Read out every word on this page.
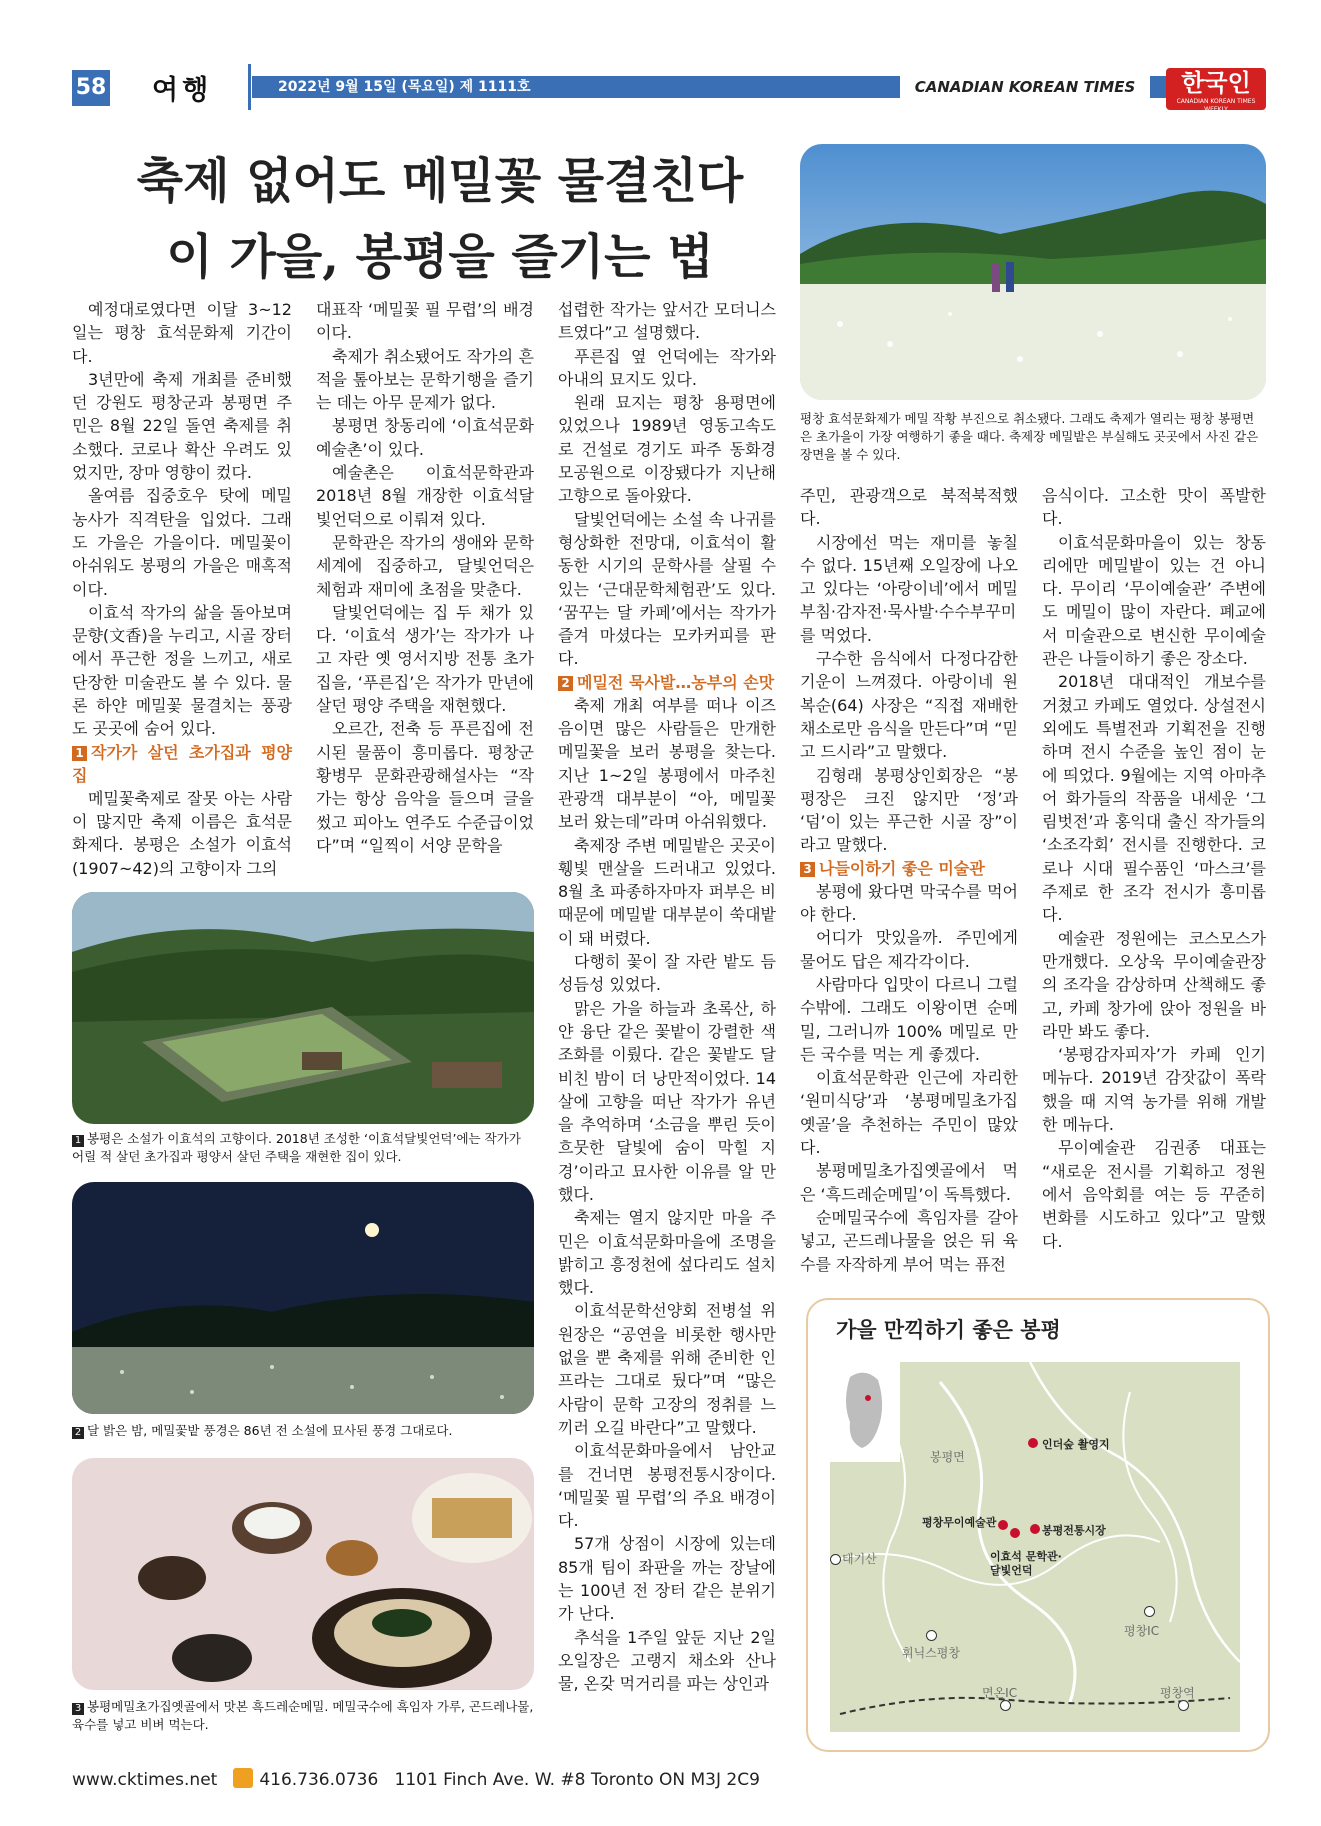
58 여행	2022년 9월 15일 (목요일) 제 1111호	CANADIAN KOREAN TIMES	한국인
CANADIAN KOREAN TIMES WEEKLY
축제 없어도 메밀꽃 물결친다
이 가을, 봉평을 즐기는 법
평창 효석문화제가 메밀 작황 부진으로 취소됐다. 그래도 축제가 열리는 평창 봉평면은 초가을이 가장 여행하기 좋을 때다. 축제장 메밀밭은 부실해도 곳곳에서 사진 같은 장면을 볼 수 있다.

예정대로였다면 이달 3~12일는 평창 효석문화제 기간이다.

3년만에 축제 개최를 준비했던 강원도 평창군과 봉평면 주민은 8월 22일 돌연 축제를 취소했다. 코로나 확산 우려도 있었지만, 장마 영향이 컸다.

올여름 집중호우 탓에 메밀 농사가 직격탄을 입었다. 그래도 가을은 가을이다. 메밀꽃이 아쉬워도 봉평의 가을은 매혹적이다.

이효석 작가의 삶을 돌아보며 문향(文香)을 누리고, 시골 장터에서 푸근한 정을 느끼고, 새로 단장한 미술관도 볼 수 있다. 물론 하얀 메밀꽃 물결치는 풍광도 곳곳에 숨어 있다.

1 작가가 살던 초가집과 평양집

메밀꽃축제로 잘못 아는 사람이 많지만 축제 이름은 효석문화제다. 봉평은 소설가 이효석(1907~42)의 고향이자 그의

대표작 ‘메밀꽃 필 무렵’의 배경이다.

축제가 취소됐어도 작가의 흔적을 톺아보는 문학기행을 즐기는 데는 아무 문제가 없다.

봉평면 창동리에 ‘이효석문화예술촌’이 있다.

예술촌은 이효석문학관과 2018년 8월 개장한 이효석달빛언덕으로 이뤄져 있다.

문학관은 작가의 생애와 문학세계에 집중하고, 달빛언덕은 체험과 재미에 초점을 맞춘다.

달빛언덕에는 집 두 채가 있다. ‘이효석 생가’는 작가가 나고 자란 옛 영서지방 전통 초가집을, ‘푸른집’은 작가가 만년에 살던 평양 주택을 재현했다.

오르간, 전축 등 푸른집에 전시된 물품이 흥미롭다. 평창군 황병무 문화관광해설사는 “작가는 항상 음악을 들으며 글을 썼고 피아노 연주도 수준급이었다”며 “일찍이 서양 문학을

1 봉평은 소설가 이효석의 고향이다. 2018년 조성한 ‘이효석달빛언덕’에는 작가가 어릴 적 살던 초가집과 평양서 살던 주택을 재현한 집이 있다.
2 달 밝은 밤, 메밀꽃밭 풍경은 86년 전 소설에 묘사된 풍경 그대로다.
3 봉평메밀초가집옛골에서 맛본 흑드레순메밀. 메밀국수에 흑임자 가루, 곤드레나물, 육수를 넣고 비벼 먹는다.

섭렵한 작가는 앞서간 모더니스트였다”고 설명했다.

푸른집 옆 언덕에는 작가와 아내의 묘지도 있다.

원래 묘지는 평창 용평면에 있었으나 1989년 영동고속도로 건설로 경기도 파주 동화경모공원으로 이장됐다가 지난해 고향으로 돌아왔다.

달빛언덕에는 소설 속 나귀를 형상화한 전망대, 이효석이 활동한 시기의 문학사를 살필 수 있는 ‘근대문학체험관’도 있다. ‘꿈꾸는 달 카페’에서는 작가가 즐겨 마셨다는 모카커피를 판다.

2 메밀전 묵사발…농부의 손맛

축제 개최 여부를 떠나 이즈음이면 많은 사람들은 만개한 메밀꽃을 보러 봉평을 찾는다. 지난 1~2일 봉평에서 마주친 관광객 대부분이 “아, 메밀꽃 보러 왔는데”라며 아쉬워했다.

축제장 주변 메밀밭은 곳곳이 휑빛 맨살을 드러내고 있었다. 8월 초 파종하자마자 퍼부은 비 때문에 메밀밭 대부분이 쑥대밭이 돼 버렸다.

다행히 꽃이 잘 자란 밭도 듬성듬성 있었다.

맑은 가을 하늘과 초록산, 하얀 융단 같은 꽃밭이 강렬한 색 조화를 이뤘다. 같은 꽃밭도 달 비친 밤이 더 낭만적이었다. 14살에 고향을 떠난 작가가 유년을 추억하며 ‘소금을 뿌린 듯이 흐뭇한 달빛에 숨이 막힐 지경’이라고 묘사한 이유를 알 만했다.

축제는 열지 않지만 마을 주민은 이효석문화마을에 조명을 밝히고 흥정천에 섶다리도 설치했다.

이효석문학선양회 전병설 위원장은 “공연을 비롯한 행사만 없을 뿐 축제를 위해 준비한 인프라는 그대로 뒀다”며 “많은 사람이 문학 고장의 정취를 느끼러 오길 바란다”고 말했다.

이효석문화마을에서 남안교를 건너면 봉평전통시장이다. ‘메밀꽃 필 무렵’의 주요 배경이다.

57개 상점이 시장에 있는데 85개 팀이 좌판을 까는 장날에는 100년 전 장터 같은 분위기가 난다.

추석을 1주일 앞둔 지난 2일 오일장은 고랭지 채소와 산나물, 온갖 먹거리를 파는 상인과

주민, 관광객으로 북적북적했다.

시장에선 먹는 재미를 놓칠 수 없다. 15년째 오일장에 나오고 있다는 ‘아랑이네’에서 메밀부침·감자전·묵사발·수수부꾸미를 먹었다.

구수한 음식에서 다정다감한 기운이 느껴졌다. 아랑이네 원복순(64) 사장은 “직접 재배한 채소로만 음식을 만든다”며 “믿고 드시라”고 말했다.

김형래 봉평상인회장은 “봉평장은 크진 않지만 ‘정’과 ‘덤’이 있는 푸근한 시골 장”이라고 말했다.

3 나들이하기 좋은 미술관

봉평에 왔다면 막국수를 먹어야 한다.

어디가 맛있을까. 주민에게 물어도 답은 제각각이다.

사람마다 입맛이 다르니 그럴 수밖에. 그래도 이왕이면 순메밀, 그러니까 100% 메밀로 만든 국수를 먹는 게 좋겠다.

이효석문학관 인근에 자리한 ‘원미식당’과 ‘봉평메밀초가집옛골’을 추천하는 주민이 많았다.

봉평메밀초가집옛골에서 먹은 ‘흑드레순메밀’이 독특했다.

순메밀국수에 흑임자를 갈아 넣고, 곤드레나물을 얹은 뒤 육수를 자작하게 부어 먹는 퓨전

음식이다. 고소한 맛이 폭발한다.

이효석문화마을이 있는 창동리에만 메밀밭이 있는 건 아니다. 무이리 ‘무이예술관’ 주변에도 메밀이 많이 자란다. 폐교에서 미술관으로 변신한 무이예술관은 나들이하기 좋은 장소다.

2018년 대대적인 개보수를 거쳤고 카페도 열었다. 상설전시 외에도 특별전과 기획전을 진행하며 전시 수준을 높인 점이 눈에 띄었다. 9월에는 지역 아마추어 화가들의 작품을 내세운 ‘그림벗전’과 홍익대 출신 작가들의 ‘소조각회’ 전시를 진행한다. 코로나 시대 필수품인 ‘마스크’를 주제로 한 조각 전시가 흥미롭다.

예술관 정원에는 코스모스가 만개했다. 오상욱 무이예술관장의 조각을 감상하며 산책해도 좋고, 카페 창가에 앉아 정원을 바라만 봐도 좋다.

‘봉평감자피자’가 카페 인기 메뉴다. 2019년 감잣값이 폭락했을 때 지역 농가를 위해 개발한 메뉴다.

무이예술관 김권종 대표는 “새로운 전시를 기획하고 정원에서 음악회를 여는 등 꾸준히 변화를 시도하고 있다”고 말했다.

가을 만끽하기 좋은 봉평
봉평면
인더숲 촬영지
평창무이예술관
봉평전통시장
이효석 문학관·
달빛언덕
태기산
평창IC
휘닉스평창
면온IC	평창역
www.cktimes.net 416.736.0736 1101 Finch Ave. W. #8 Toronto ON M3J 2C9
